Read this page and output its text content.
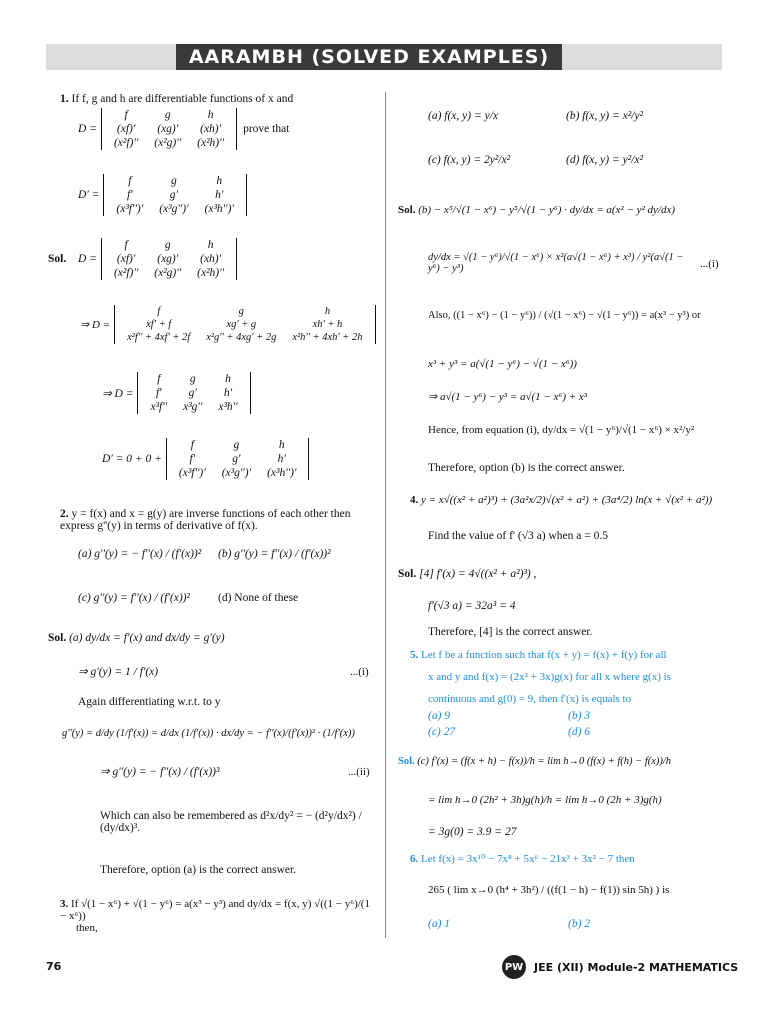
AARAMBH (SOLVED EXAMPLES)
1. If f, g and h are differentiable functions of x and
D =
f	g	h
(xf)'	(xg)'	(xh)'
(x²f)''	(x²g)''	(x²h)''
prove that
D' =
f	g	h
f'	g'	h'
(x³f'')'	(x³g'')'	(x³h'')'
Sol.	D =
f	g	h
(xf)'	(xg)'	(xh)'
(x²f)''	(x²g)''	(x²h)''
⇒ D =
f	g	h
xf' + f	xg' + g	xh' + h
x²f'' + 4xf' + 2f	x²g'' + 4xg' + 2g	x²h'' + 4xh' + 2h
⇒ D =
f	g	h
f'	g'	h'
x³f''	x³g''	x³h''
D' = 0 + 0 +
f	g	h
f'	g'	h'
(x³f'')'	(x³g'')'	(x³h'')'
2. y = f(x) and x = g(y) are inverse functions of each other then express g''(y) in terms of derivative of f(x).
(a) g''(y) = − f''(x) / (f'(x))² (b) g''(y) = f''(x) / (f'(x))²
(c) g''(y) = f''(x) / (f'(x))² (d) None of these
Sol. (a) dy/dx = f'(x) and dx/dy = g'(y)
⇒ g'(y) = 1 / f'(x)	...(i)
Again differentiating w.r.t. to y
g''(y) = d/dy (1/f'(x)) = d/dx (1/f'(x)) · dx/dy = − f''(x)/(f'(x))² · (1/f'(x))
⇒ g''(y) = − f''(x) / (f'(x))³	...(ii)
Which can also be remembered as d²x/dy² = − (d²y/dx²) / (dy/dx)³.
Therefore, option (a) is the correct answer.
3. If √(1 − x⁶) + √(1 − y⁶) = a(x³ − y³) and dy/dx = f(x, y) √((1 − y⁶)/(1 − x⁶))
then,
(a) f(x, y) = y/x	(b) f(x, y) = x²/y²
(c) f(x, y) = 2y²/x²	(d) f(x, y) = y²/x²
Sol. (b) − x⁵/√(1 − x⁶) − y⁵/√(1 − y⁶) · dy/dx = a(x² − y² dy/dx)
dy/dx = √(1 − y⁶)/√(1 − x⁶) × x²(a√(1 − x⁶) + x³) / y²(a√(1 − y⁶) − y³)	...(i)
Also, ((1 − x⁶) − (1 − y⁶)) / (√(1 − x⁶) − √(1 − y⁶)) = a(x³ − y³) or
x³ + y³ = a(√(1 − y⁶) − √(1 − x⁶))
⇒ a√(1 − y⁶) − y³ = a√(1 − x⁶) + x³
Hence, from equation (i), dy/dx = √(1 − y⁶)/√(1 − x⁶) × x²/y²
Therefore, option (b) is the correct answer.
4. y = x√((x² + a²)³) + (3a²x/2)√(x² + a²) + (3a⁴/2) ln(x + √(x² + a²))
Find the value of f' (√3 a) when a = 0.5
Sol. [4] f'(x) = 4√((x² + a²)³) ,
f'(√3 a) = 32a³ = 4
Therefore, [4] is the correct answer.
5. Let f be a function such that f(x + y) = f(x) + f(y) for all
x and y and f(x) = (2x² + 3x)g(x) for all x where g(x) is
continuous and g(0) = 9, then f'(x) is equals to
(a) 9	(b) 3
(c) 27	(d) 6
Sol. (c) f'(x) = (f(x + h) − f(x))/h = lim h→0 (f(x) + f(h) − f(x))/h
= lim h→0 (2h² + 3h)g(h)/h = lim h→0 (2h + 3)g(h)
= 3g(0) = 3.9 = 27
6. Let f(x) = 3x¹⁰ − 7x⁸ + 5x⁶ − 21x³ + 3x² − 7 then
265 ( lim x→0 (h⁴ + 3h²) / ((f(1 − h) − f(1)) sin 5h) ) is
(a) 1	(b) 2
76	PW JEE (XII) Module-2 MATHEMATICS
